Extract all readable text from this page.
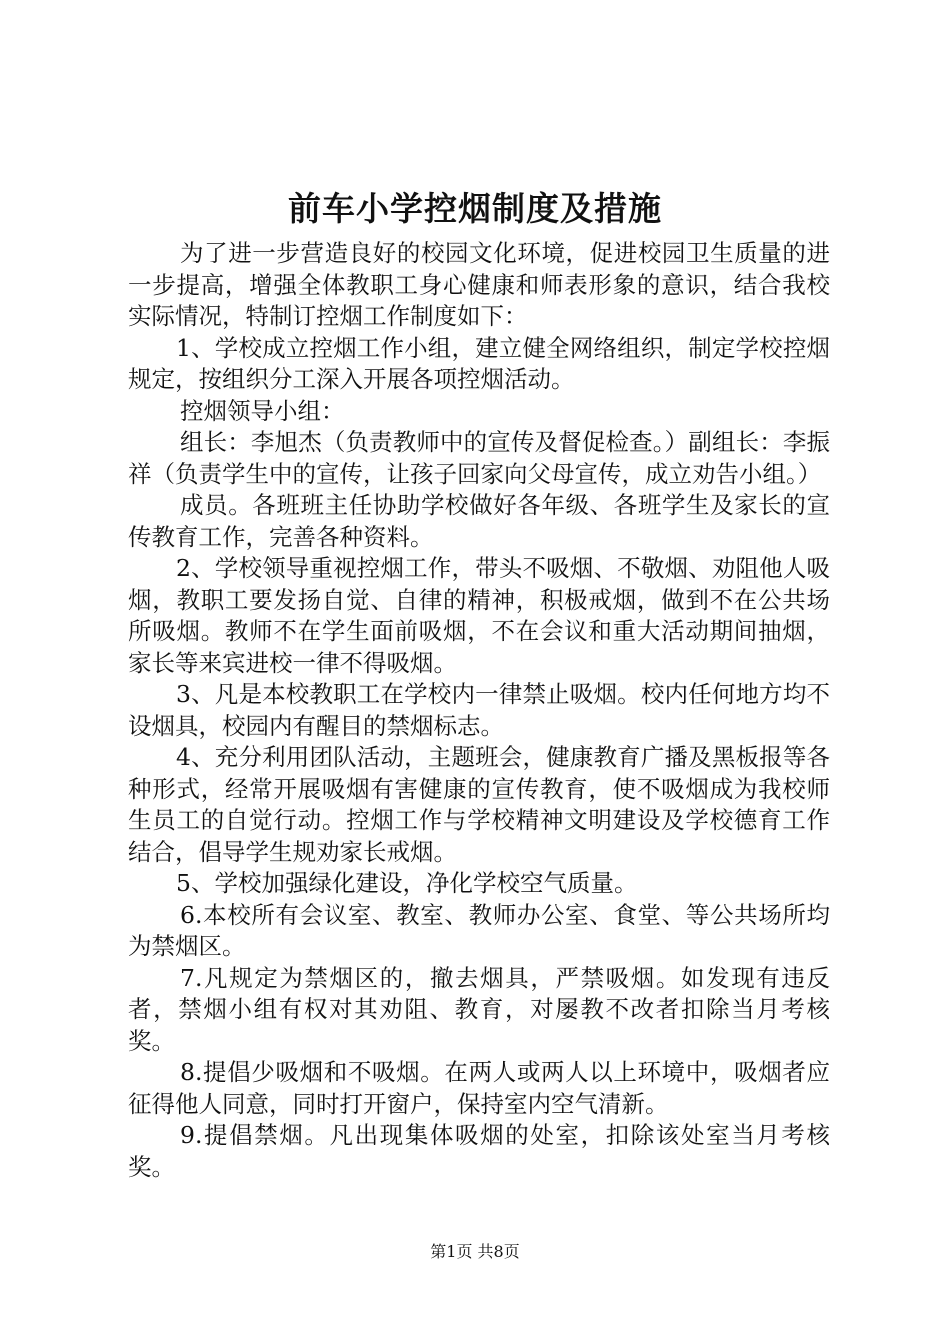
前车小学控烟制度及措施

为了进一步营造良好的校园文化环境，促进校园卫生质量的进一步提高，增强全体教职工身心健康和师表形象的意识，结合我校实际情况，特制订控烟工作制度如下：

1、学校成立控烟工作小组，建立健全网络组织，制定学校控烟规定，按组织分工深入开展各项控烟活动。

控烟领导小组：

组长：李旭杰（负责教师中的宣传及督促检查。）副组长：李振祥（负责学生中的宣传，让孩子回家向父母宣传，成立劝告小组。）

成员。各班班主任协助学校做好各年级、各班学生及家长的宣传教育工作，完善各种资料。

2、学校领导重视控烟工作，带头不吸烟、不敬烟、劝阻他人吸烟，教职工要发扬自觉、自律的精神，积极戒烟，做到不在公共场所吸烟。教师不在学生面前吸烟，不在会议和重大活动期间抽烟，家长等来宾进校一律不得吸烟。

3、凡是本校教职工在学校内一律禁止吸烟。校内任何地方均不设烟具，校园内有醒目的禁烟标志。

4、充分利用团队活动，主题班会，健康教育广播及黑板报等各种形式，经常开展吸烟有害健康的宣传教育，使不吸烟成为我校师生员工的自觉行动。控烟工作与学校精神文明建设及学校德育工作结合，倡导学生规劝家长戒烟。

5、学校加强绿化建设，净化学校空气质量。

6.本校所有会议室、教室、教师办公室、食堂、等公共场所均为禁烟区。

7.凡规定为禁烟区的，撤去烟具，严禁吸烟。如发现有违反者，禁烟小组有权对其劝阻、教育，对屡教不改者扣除当月考核奖。

8.提倡少吸烟和不吸烟。在两人或两人以上环境中，吸烟者应征得他人同意，同时打开窗户，保持室内空气清新。

9.提倡禁烟。凡出现集体吸烟的处室，扣除该处室当月考核奖。

第1页 共8页
